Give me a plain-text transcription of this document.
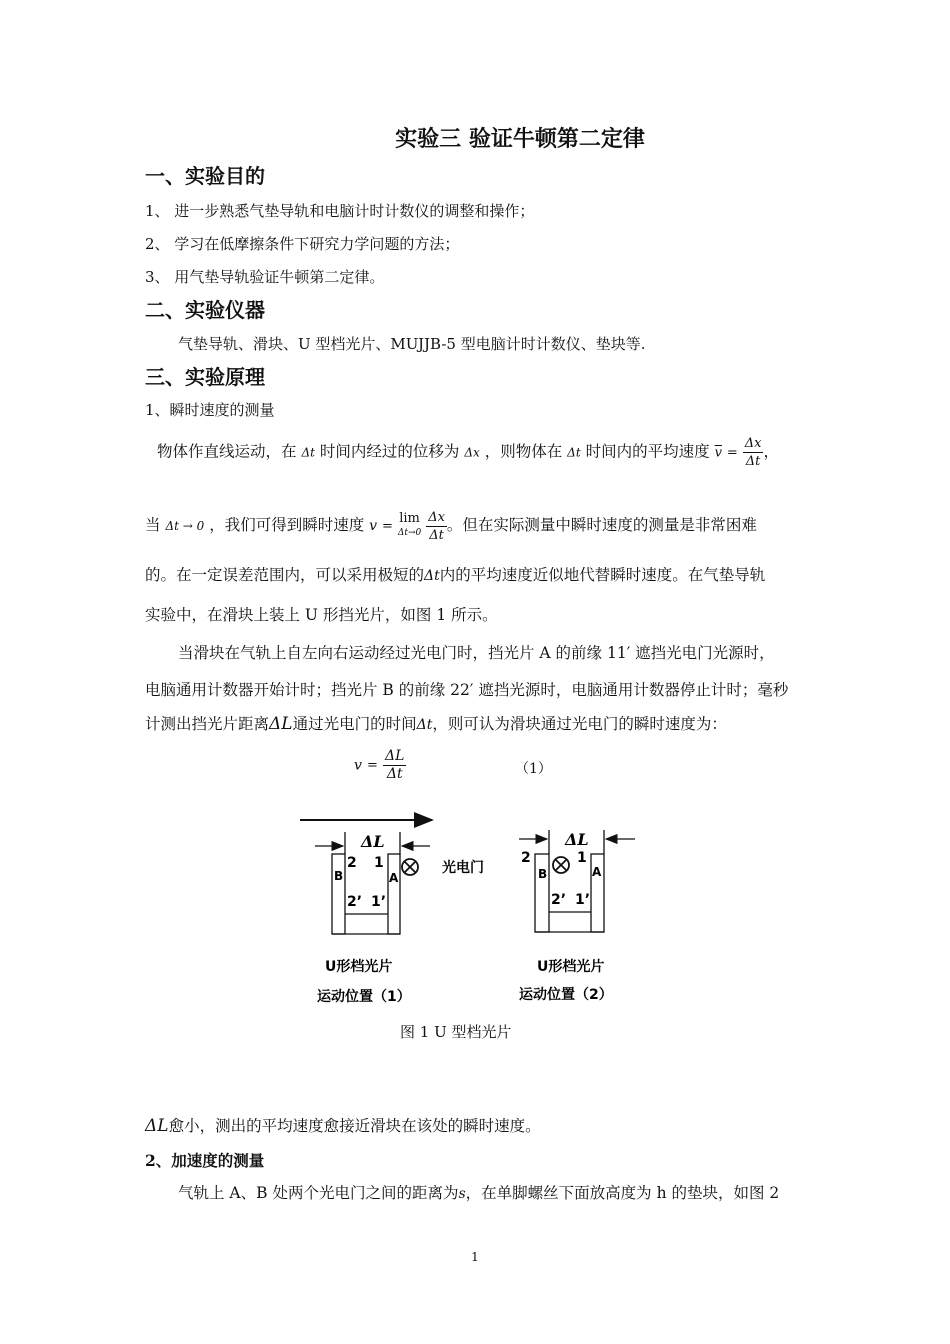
实验三 验证牛顿第二定律
一、实验目的
1、 进一步熟悉气垫导轨和电脑计时计数仪的调整和操作；
2、 学习在低摩擦条件下研究力学问题的方法；
3、 用气垫导轨验证牛顿第二定律。
二、实验仪器
气垫导轨、滑块、U 型档光片、MUJJB-5 型电脑计时计数仪、垫块等.
三、实验原理
1、瞬时速度的测量
物体作直线运动，在 Δt 时间内经过的位移为 Δx ，则物体在 Δt 时间内的平均速度 $\overline{v} = \frac{\Delta x}{\Delta t}$ ，
当 Δt → 0 ，我们可得到瞬时速度 v =
lim
Δt→0
$\frac{\Delta x}{\Delta t}$ 。但在实际测量中瞬时速度的测量是非常困难
的。在一定误差范围内，可以采用极短的Δt内的平均速度近似地代替瞬时速度。在气垫导轨
实验中，在滑块上装上 U 形挡光片，如图 1 所示。
当滑块在气轨上自左向右运动经过光电门时，挡光片 A 的前缘 11′ 遮挡光电门光源时，
电脑通用计数器开始计时；挡光片 B 的前缘 22′ 遮挡光源时，电脑通用计数器停止计时；毫秒
计测出挡光片距离ΔL通过光电门的时间Δt，则可认为滑块通过光电门的瞬时速度为：
$v = \frac{\Delta L}{\Delta t}$	（1）
ΔL
2 1
B	A
2’ 1’
光电门
U形档光片
运动位置（1）
ΔL
2	1
B	A
2’ 1’
U形档光片
运动位置（2）
图 1 U 型档光片
ΔL愈小，测出的平均速度愈接近滑块在该处的瞬时速度。
2、加速度的测量
气轨上 A、B 处两个光电门之间的距离为s，在单脚螺丝下面放高度为 h 的垫块，如图 2
1
